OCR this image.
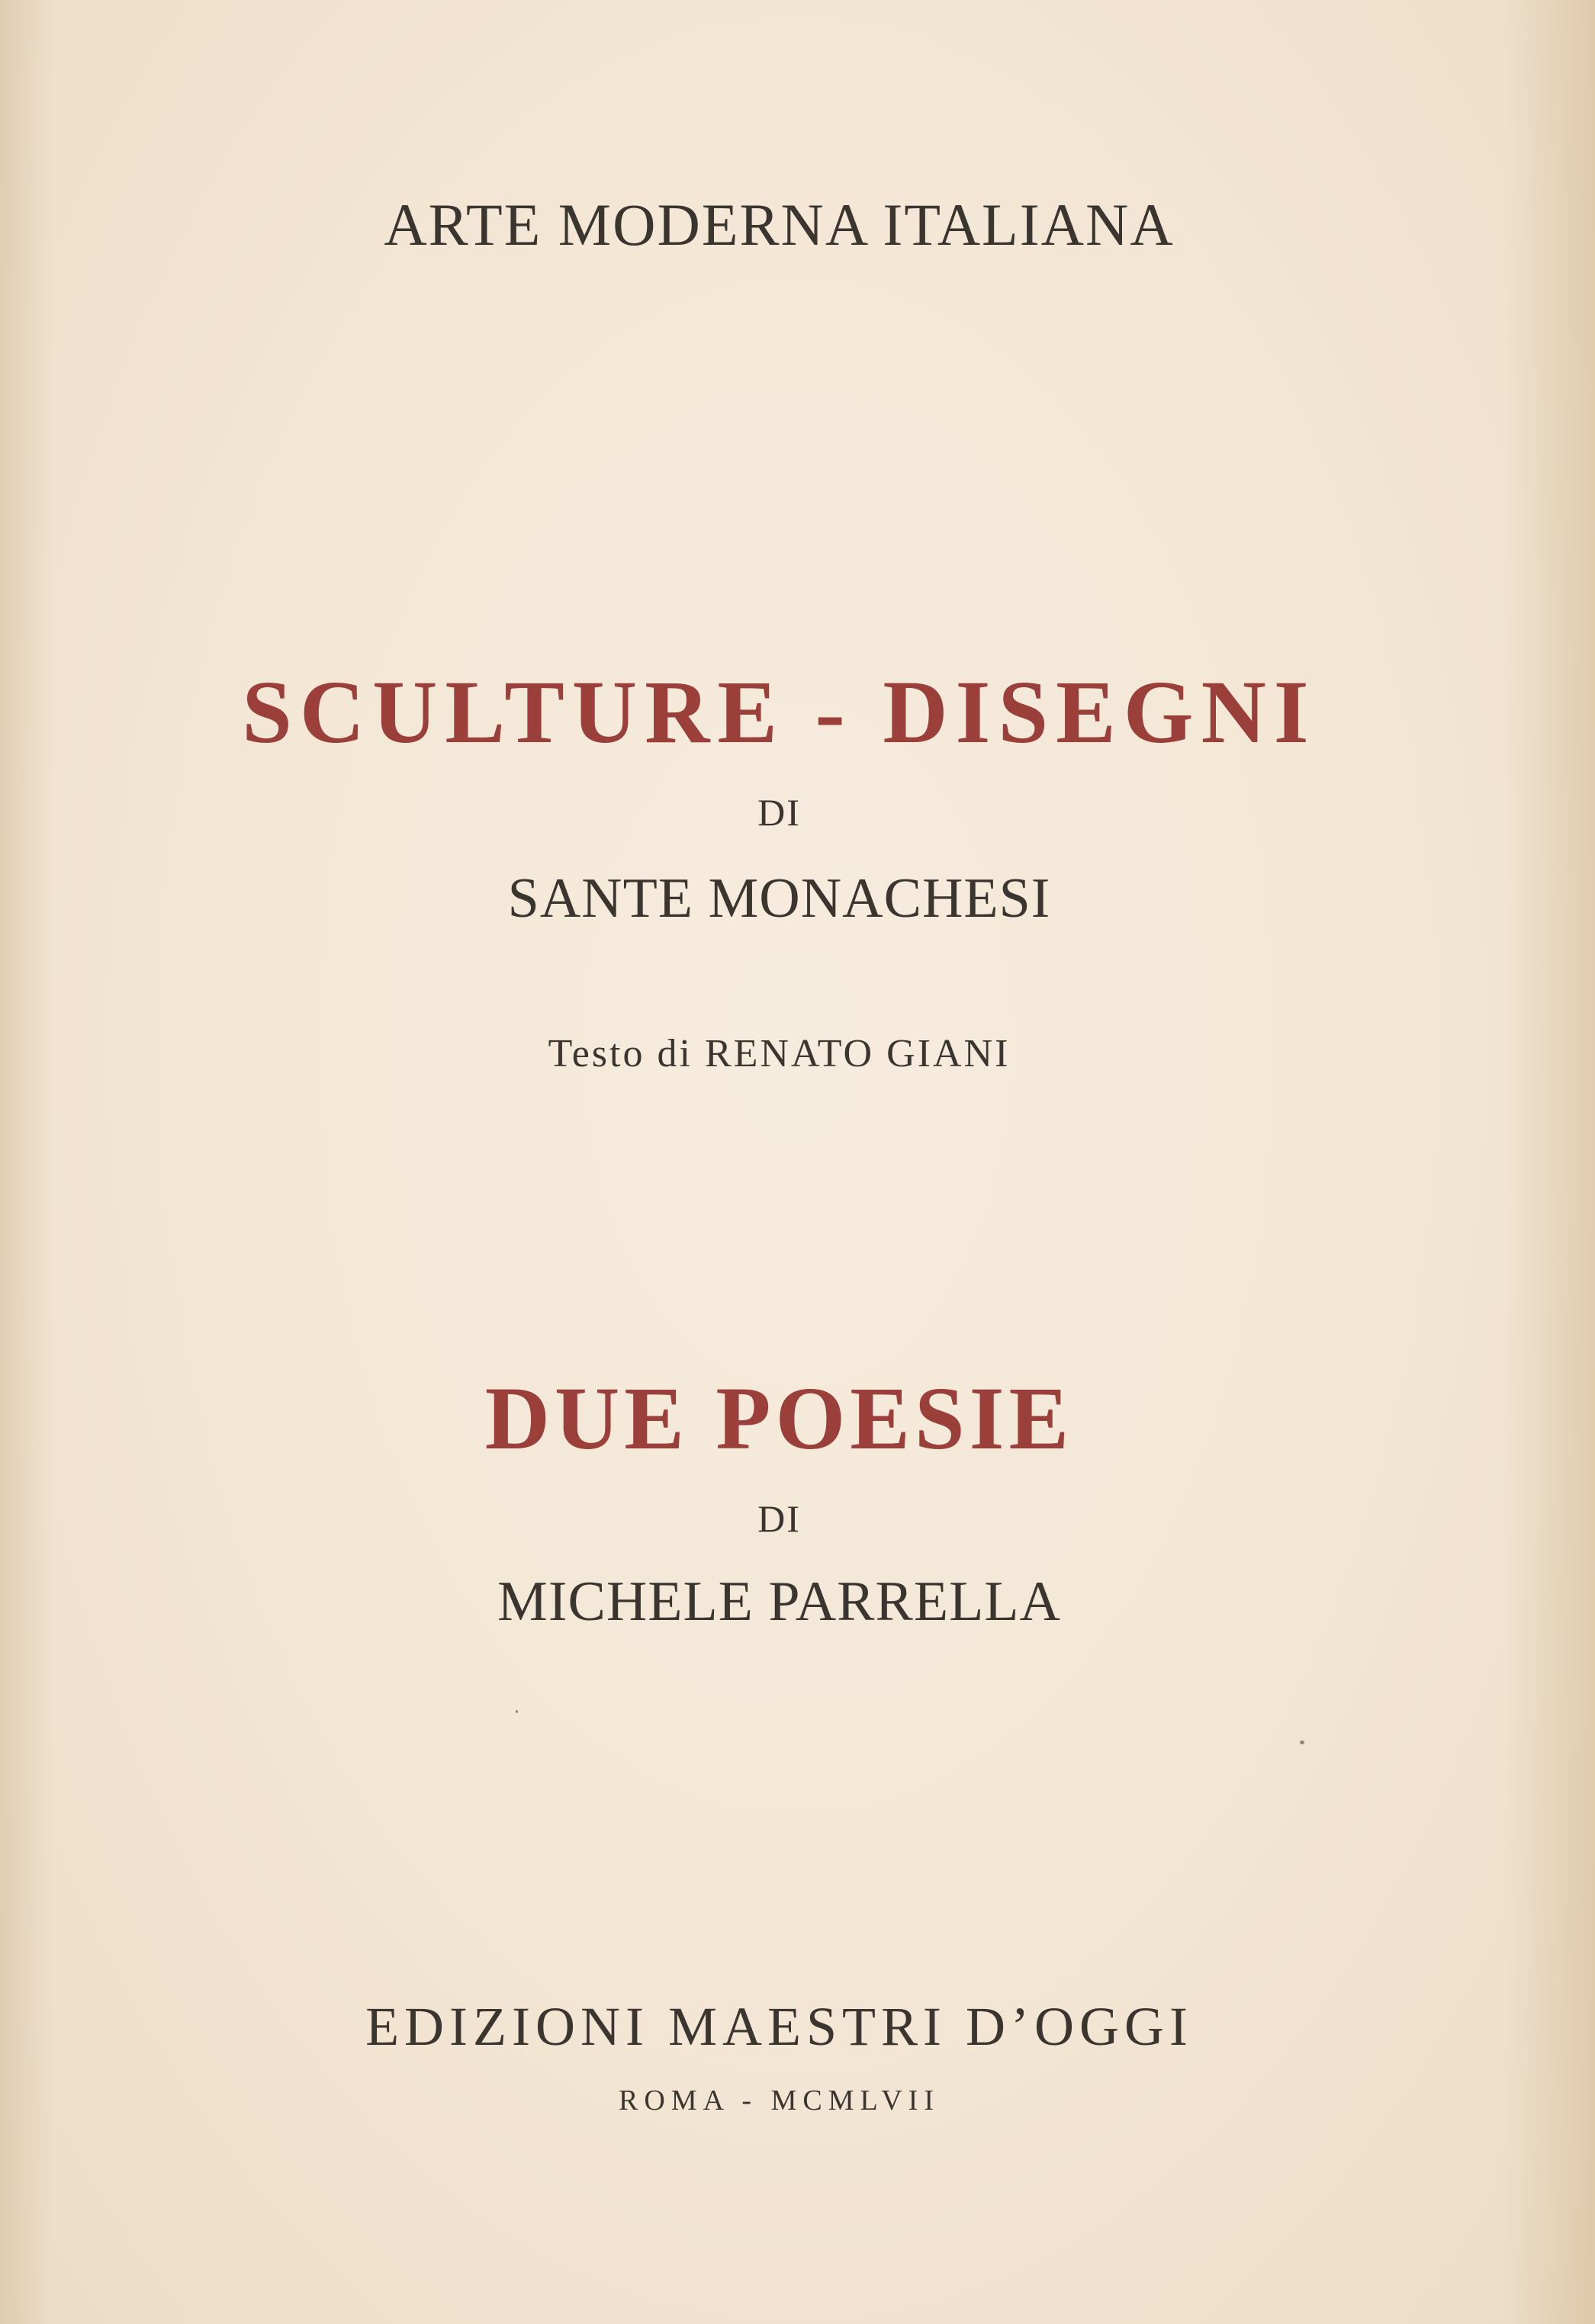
ARTE MODERNA ITALIANA
SCULTURE - DISEGNI
DI
SANTE MONACHESI
Testo di RENATO GIANI
DUE POESIE
DI
MICHELE PARRELLA
EDIZIONI MAESTRI D’OGGI
ROMA - MCMLVII
